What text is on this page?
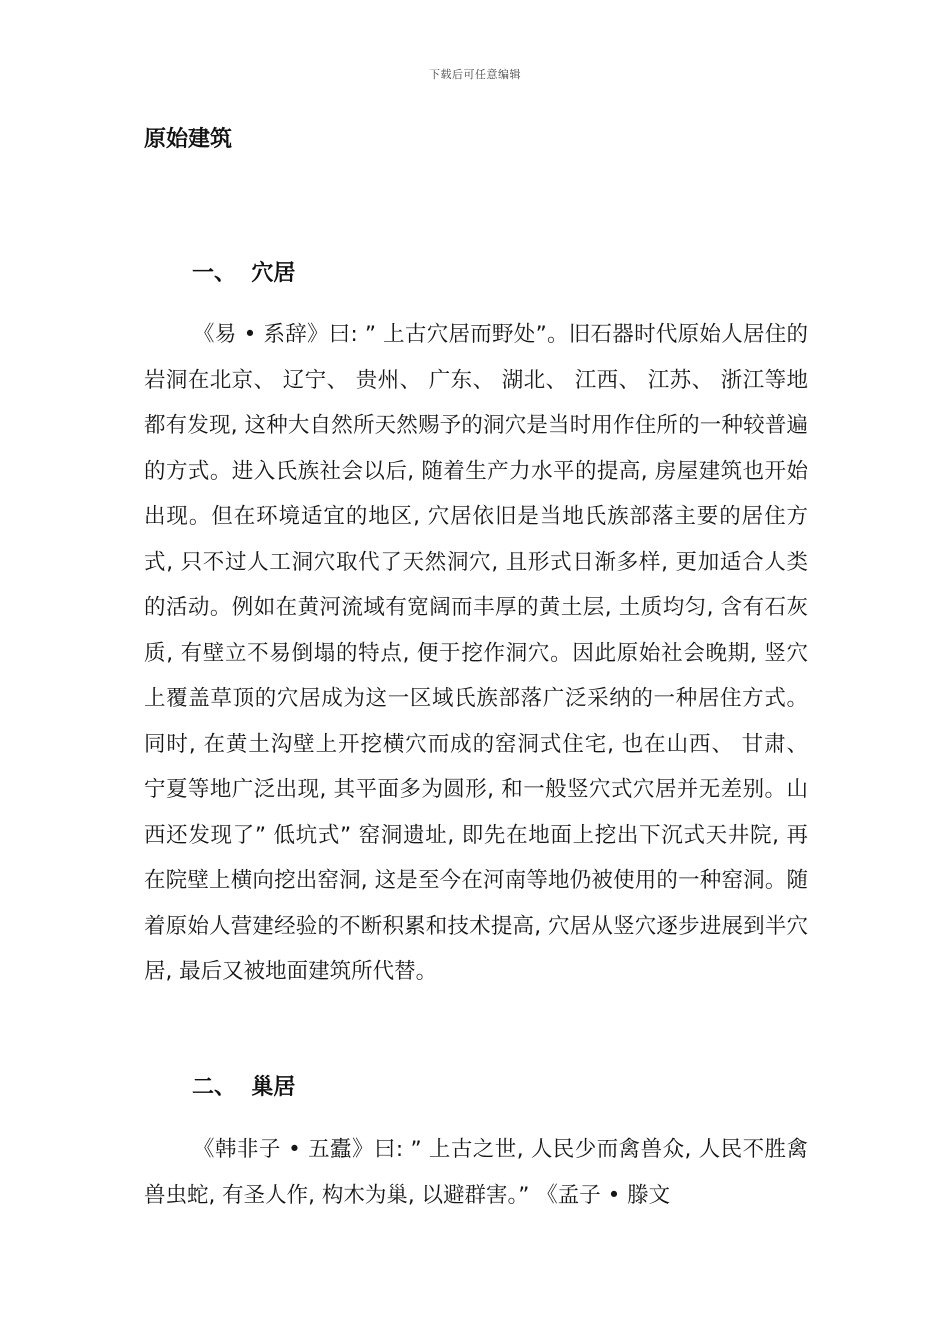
下载后可任意编辑
原始建筑
一、  穴居

《易 • 系辞》曰: ” 上古穴居而野处”。旧石器时代原始人居住的岩洞在北京、 辽宁、 贵州、 广东、 湖北、 江西、 江苏、 浙江等地都有发现, 这种大自然所天然赐予的洞穴是当时用作住所的一种较普遍的方式。进入氏族社会以后, 随着生产力水平的提高, 房屋建筑也开始出现。但在环境适宜的地区, 穴居依旧是当地氏族部落主要的居住方式, 只不过人工洞穴取代了天然洞穴, 且形式日渐多样, 更加适合人类的活动。例如在黄河流域有宽阔而丰厚的黄土层, 土质均匀, 含有石灰质, 有壁立不易倒塌的特点, 便于挖作洞穴。因此原始社会晚期, 竖穴上覆盖草顶的穴居成为这一区域氏族部落广泛采纳的一种居住方式。同时, 在黄土沟壁上开挖横穴而成的窑洞式住宅, 也在山西、 甘肃、 宁夏等地广泛出现, 其平面多为圆形, 和一般竖穴式穴居并无差别。山西还发现了” 低坑式” 窑洞遗址, 即先在地面上挖出下沉式天井院, 再在院壁上横向挖出窑洞, 这是至今在河南等地仍被使用的一种窑洞。随着原始人营建经验的不断积累和技术提高, 穴居从竖穴逐步进展到半穴居, 最后又被地面建筑所代替。

二、  巢居

《韩非子 • 五蠹》曰: ” 上古之世, 人民少而禽兽众, 人民不胜禽兽虫蛇, 有圣人作, 构木为巢, 以避群害。” 《孟子 • 滕文
